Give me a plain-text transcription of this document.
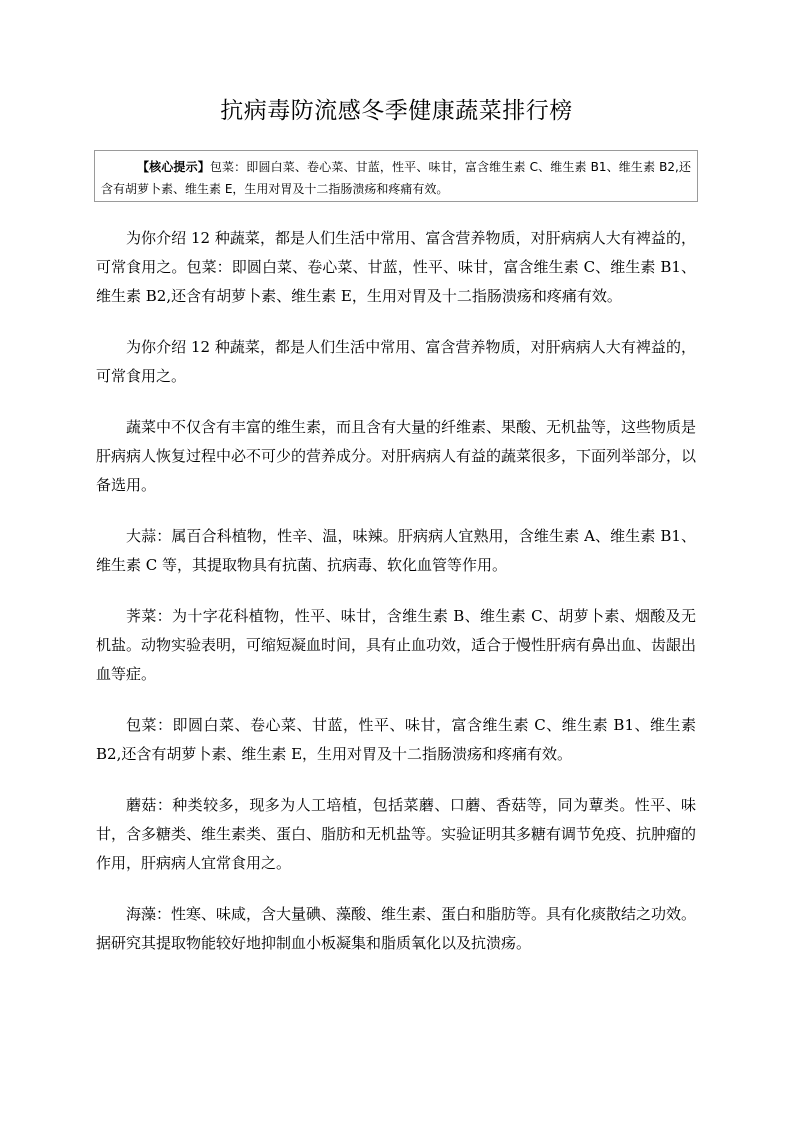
抗病毒防流感冬季健康蔬菜排行榜
【核心提示】包菜：即圆白菜、卷心菜、甘蓝，性平、味甘，富含维生素 C、维生素 B1、维生素 B2,还含有胡萝卜素、维生素 E，生用对胃及十二指肠溃疡和疼痛有效。

为你介绍 12 种蔬菜，都是人们生活中常用、富含营养物质，对肝病病人大有裨益的，可常食用之。包菜：即圆白菜、卷心菜、甘蓝，性平、味甘，富含维生素 C、维生素 B1、维生素 B2,还含有胡萝卜素、维生素 E，生用对胃及十二指肠溃疡和疼痛有效。

为你介绍 12 种蔬菜，都是人们生活中常用、富含营养物质，对肝病病人大有裨益的，可常食用之。

蔬菜中不仅含有丰富的维生素，而且含有大量的纤维素、果酸、无机盐等，这些物质是肝病病人恢复过程中必不可少的营养成分。对肝病病人有益的蔬菜很多，下面列举部分，以备选用。

大蒜：属百合科植物，性辛、温，味辣。肝病病人宜熟用，含维生素 A、维生素 B1、维生素 C 等，其提取物具有抗菌、抗病毒、软化血管等作用。

荠菜：为十字花科植物，性平、味甘，含维生素 B、维生素 C、胡萝卜素、烟酸及无机盐。动物实验表明，可缩短凝血时间，具有止血功效，适合于慢性肝病有鼻出血、齿龈出血等症。

包菜：即圆白菜、卷心菜、甘蓝，性平、味甘，富含维生素 C、维生素 B1、维生素 B2,还含有胡萝卜素、维生素 E，生用对胃及十二指肠溃疡和疼痛有效。

蘑菇：种类较多，现多为人工培植，包括菜蘑、口蘑、香菇等，同为蕈类。性平、味甘，含多糖类、维生素类、蛋白、脂肪和无机盐等。实验证明其多糖有调节免疫、抗肿瘤的作用，肝病病人宜常食用之。

海藻：性寒、味咸，含大量碘、藻酸、维生素、蛋白和脂肪等。具有化痰散结之功效。据研究其提取物能较好地抑制血小板凝集和脂质氧化以及抗溃疡。
